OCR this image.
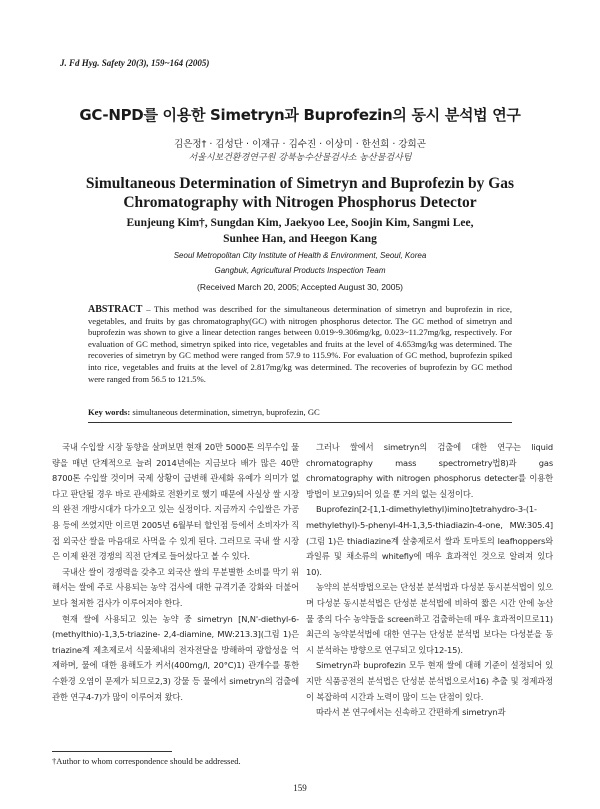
J. Fd Hyg. Safety 20(3), 159~164 (2005)
GC-NPD를 이용한 Simetryn과 Buprofezin의 동시 분석법 연구
김은정† · 김성단 · 이재규 · 김수진 · 이상미 · 한선희 · 강희곤
서울시보건환경연구원 강북농수산물검사소 농산물검사팀
Simultaneous Determination of Simetryn and Buprofezin by Gas
Chromatography with Nitrogen Phosphorus Detector
Eunjeung Kim†, Sungdan Kim, Jaekyoo Lee, Soojin Kim, Sangmi Lee,
Sunhee Han, and Heegon Kang
Seoul Metropolitan City Institute of Health & Environment, Seoul, Korea
Gangbuk, Agricultural Products Inspection Team
(Received March 20, 2005; Accepted August 30, 2005)
ABSTRACT – This method was described for the simultaneous determination of simetryn and buprofezin in rice, vegetables, and fruits by gas chromatography(GC) with nitrogen phosphorus detector. The GC method of simetryn and buprofezin was shown to give a linear detection ranges between 0.019~9.306mg/kg, 0.023~11.27mg/kg, respectively. For evaluation of GC method, simetryn spiked into rice, vegetables and fruits at the level of 4.653mg/kg was determined. The recoveries of simetryn by GC method were ranged from 57.9 to 115.9%. For evaluation of GC method, buprofezin spiked into rice, vegetables and fruits at the level of 2.817mg/kg was determined. The recoveries of buprofezin by GC method were ranged from 56.5 to 121.5%.
Key words: simultaneous determination, simetryn, buprofezin, GC

국내 수입쌀 시장 동향을 살펴보면 현재 20만 5000톤 의무수입 물량을 매년 단계적으로 늘려 2014년에는 지금보다 배가 많은 40만 8700톤 수입쌀 것이며 국제 상황이 급변해 관세화 유예가 의미가 없다고 판단될 경우 바로 관세화로 전환키로 했기 때문에 사실상 쌀 시장의 완전 개방시대가 다가오고 있는 실정이다. 지금까지 수입쌀은 가공용 등에 쓰였지만 이르면 2005년 6월부터 할인점 등에서 소비자가 직접 외국산 쌀을 마음대로 사먹을 수 있게 된다. 그러므로 국내 쌀 시장은 이제 완전 경쟁의 직전 단계로 들어섰다고 볼 수 있다.

국내산 쌀이 경쟁력을 갖추고 외국산 쌀의 무분별한 소비를 막기 위해서는 쌀에 주로 사용되는 농약 검사에 대한 규격기준 강화와 더불어 보다 철저한 검사가 이루어져야 한다.

현재 쌀에 사용되고 있는 농약 중 simetryn [N,N'-diethyl-6-(methylthio)-1,3,5-triazine- 2,4-diamine, MW:213.3](그림 1)은 triazine계 제초제로서 식물체내의 전자전달을 방해하여 광합성을 억제하며, 물에 대한 용해도가 커서(400mg/l, 20°C)1) 관개수를 통한 수환경 오염이 문제가 되므로2,3) 강물 등 물에서 simetryn의 검출에 관한 연구4-7)가 많이 이루어져 왔다.

그러나 쌀에서 simetryn의 검출에 대한 연구는 liquid chromatography mass spectrometry법8)과 gas chromatography with nitrogen phosphorus detecter를 이용한 방법이 보고9)되어 있을 뿐 거의 없는 실정이다.

Buprofezin[2-[1,1-dimethylethyl)imino]tetrahydro-3-(1-methylethyl)-5-phenyl-4H-1,3,5-thiadiazin-4-one, MW:305.4](그림 1)은 thiadiazine계 살충제로서 쌀과 토마토의 leafhoppers와 과일류 및 채소류의 whitefly에 매우 효과적인 것으로 알려져 있다10).

농약의 분석방법으로는 단성분 분석법과 다성분 동시분석법이 있으며 다성분 동시분석법은 단성분 분석법에 비하여 짧은 시간 안에 농산물 중의 다수 농약들을 screen하고 검출하는데 매우 효과적이므로11) 최근의 농약분석법에 대한 연구는 단성분 분석법 보다는 다성분을 동시 분석하는 방향으로 연구되고 있다12-15).

Simetryn과 buprofezin 모두 현재 쌀에 대해 기준이 설정되어 있지만 식품공전의 분석법은 단성분 분석법으로서16) 추출 및 정제과정이 복잡하여 시간과 노력이 많이 드는 단점이 있다.

따라서 본 연구에서는 신속하고 간편하게 simetryn과

†Author to whom correspondence should be addressed.
159
